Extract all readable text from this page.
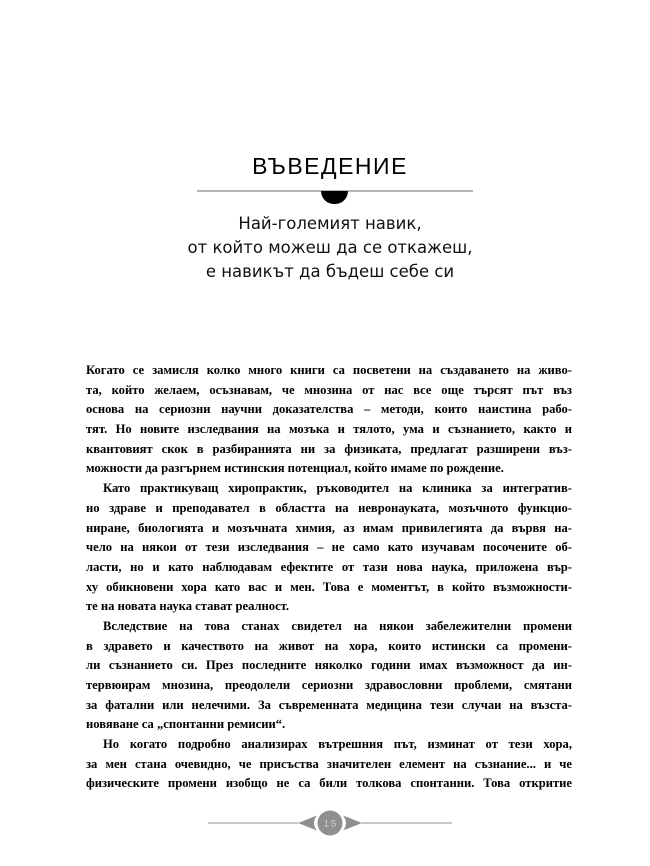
ВЪВЕДЕНИЕ
Най-големият навик,
от който можеш да се откажеш,
е навикът да бъдеш себе си
Когато се замисля колко много книги са посветени на създаването на живо-
та, който желаем, осъзнавам, че мнозина от нас все още търсят път въз
основа на сериозни научни доказателства – методи, които наистина рабо-
тят. Но новите изследвания на мозъка и тялото, ума и съзнанието, както и
квантовият скок в разбиранията ни за физиката, предлагат разширени въз-
можности да разгърнем истинския потенциал, който имаме по рождение.
Като практикуващ хиропрактик, ръководител на клиника за интегратив-
но здраве и преподавател в областта на невронауката, мозъчното функцио-
ниране, биологията и мозъчната химия, аз имам привилегията да вървя на-
чело на някои от тези изследвания – не само като изучавам посочените об-
ласти, но и като наблюдавам ефектите от тази нова наука, приложена вър-
ху обикновени хора като вас и мен. Това е моментът, в който възможности-
те на новата наука стават реалност.
Вследствие на това станах свидетел на някои забележителни промени
в здравето и качеството на живот на хора, които истински са промени-
ли съзнанието си. През последните няколко години имах възможност да ин-
тервюирам мнозина, преодолели сериозни здравословни проблеми, смятани
за фатални или нелечими. За съвременната медицина тези случаи на възста-
новяване са „спонтанни ремисии“.
Но когато подробно анализирах вътрешния път, изминат от тези хора,
за мен стана очевидно, че присъства значителен елемент на съзнание... и че
физическите промени изобщо не са били толкова спонтанни. Това откритие
15
